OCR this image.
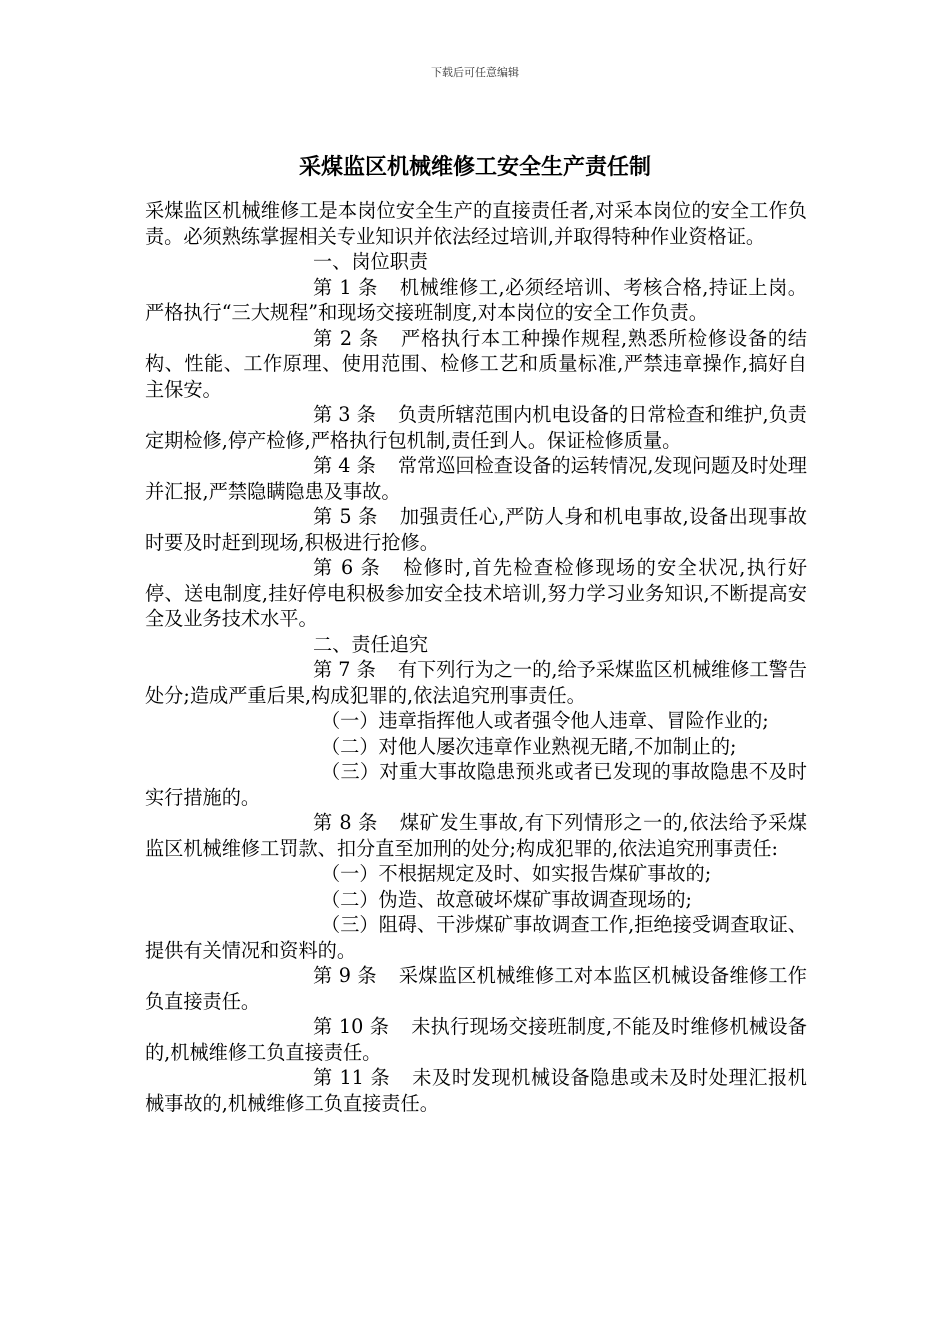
下载后可任意编辑
采煤监区机械维修工安全生产责任制

采煤监区机械维修工是本岗位安全生产的直接责任者,对采本岗位的安全工作负责。必须熟练掌握相关专业知识并依法经过培训,并取得特种作业资格证。

一、岗位职责

第 1 条 机械维修工,必须经培训、考核合格,持证上岗。严格执行“三大规程”和现场交接班制度,对本岗位的安全工作负责。

第 2 条 严格执行本工种操作规程,熟悉所检修设备的结构、性能、工作原理、使用范围、检修工艺和质量标准,严禁违章操作,搞好自主保安。

第 3 条 负责所辖范围内机电设备的日常检查和维护,负责定期检修,停产检修,严格执行包机制,责任到人。保证检修质量。

第 4 条 常常巡回检查设备的运转情况,发现问题及时处理并汇报,严禁隐瞒隐患及事故。

第 5 条 加强责任心,严防人身和机电事故,设备出现事故时要及时赶到现场,积极进行抢修。

第 6 条 检修时,首先检查检修现场的安全状况,执行好停、送电制度,挂好停电积极参加安全技术培训,努力学习业务知识,不断提高安全及业务技术水平。

二、责任追究

第 7 条 有下列行为之一的,给予采煤监区机械维修工警告处分;造成严重后果,构成犯罪的,依法追究刑事责任。

（一）违章指挥他人或者强令他人违章、冒险作业的;

（二）对他人屡次违章作业熟视无睹,不加制止的;

（三）对重大事故隐患预兆或者已发现的事故隐患不及时实行措施的。

第 8 条 煤矿发生事故,有下列情形之一的,依法给予采煤监区机械维修工罚款、扣分直至加刑的处分;构成犯罪的,依法追究刑事责任:

（一）不根据规定及时、如实报告煤矿事故的;

（二）伪造、故意破坏煤矿事故调查现场的;

（三）阻碍、干涉煤矿事故调查工作,拒绝接受调查取证、提供有关情况和资料的。

第 9 条 采煤监区机械维修工对本监区机械设备维修工作负直接责任。

第 10 条 未执行现场交接班制度,不能及时维修机械设备的,机械维修工负直接责任。

第 11 条 未及时发现机械设备隐患或未及时处理汇报机械事故的,机械维修工负直接责任。
